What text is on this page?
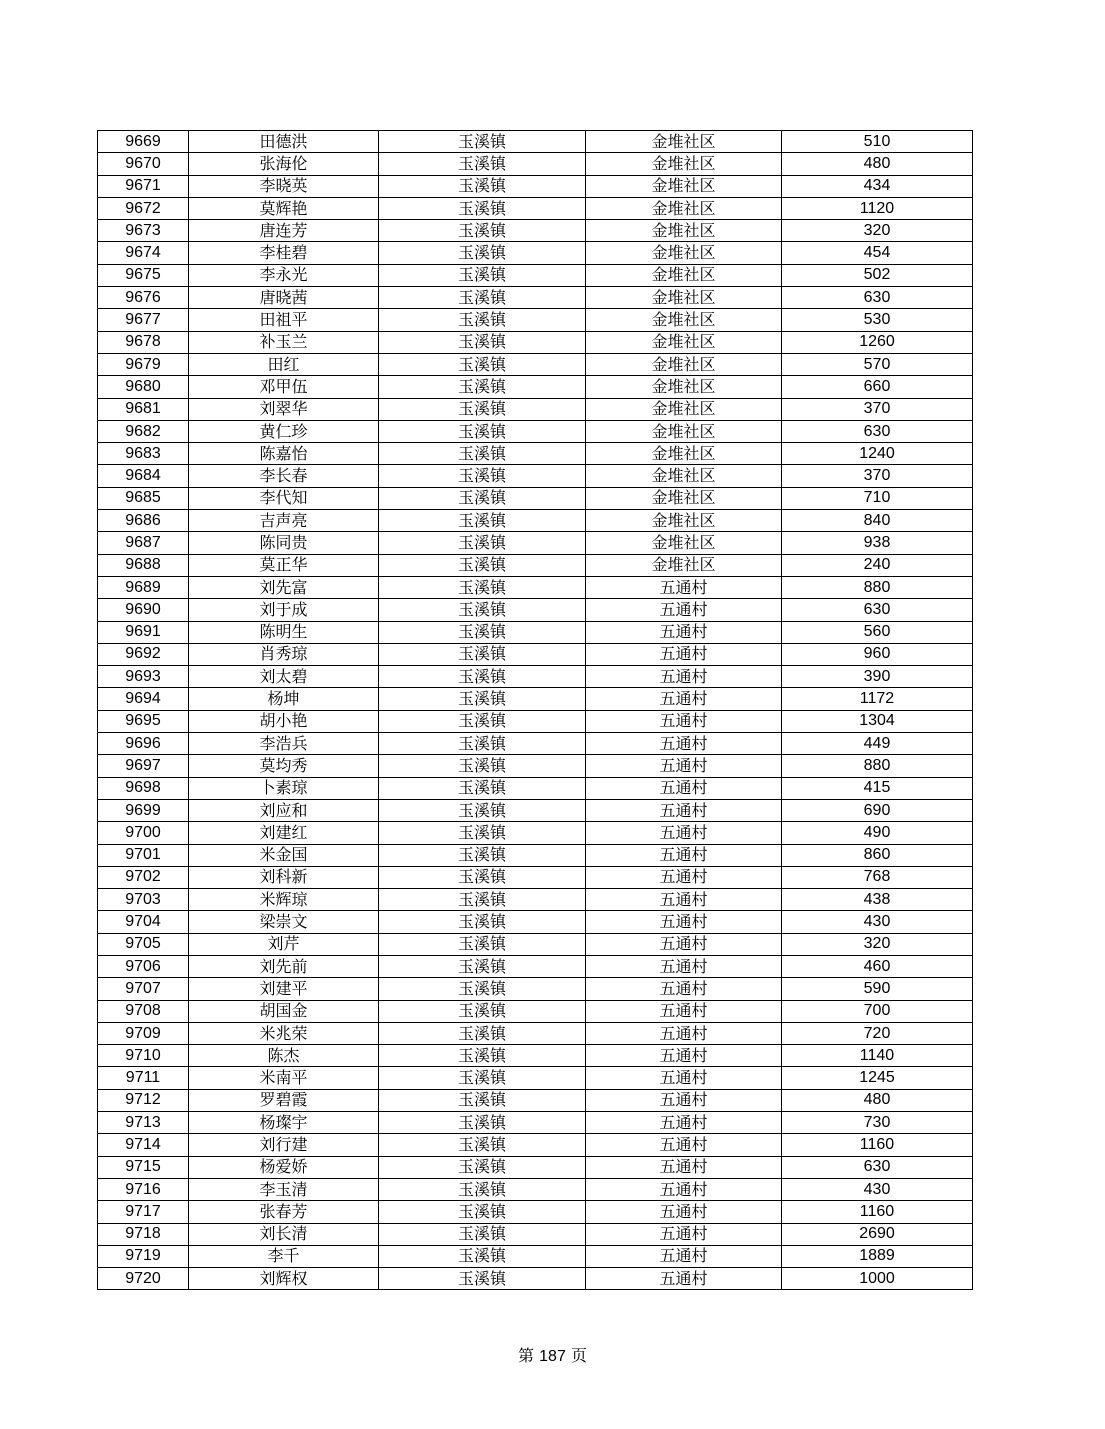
9669	田德洪	玉溪镇	金堆社区	510
9670	张海伦	玉溪镇	金堆社区	480
9671	李晓英	玉溪镇	金堆社区	434
9672	莫辉艳	玉溪镇	金堆社区	1120
9673	唐连芳	玉溪镇	金堆社区	320
9674	李桂碧	玉溪镇	金堆社区	454
9675	李永光	玉溪镇	金堆社区	502
9676	唐晓茜	玉溪镇	金堆社区	630
9677	田祖平	玉溪镇	金堆社区	530
9678	补玉兰	玉溪镇	金堆社区	1260
9679	田红	玉溪镇	金堆社区	570
9680	邓甲伍	玉溪镇	金堆社区	660
9681	刘翠华	玉溪镇	金堆社区	370
9682	黄仁珍	玉溪镇	金堆社区	630
9683	陈嘉怡	玉溪镇	金堆社区	1240
9684	李长春	玉溪镇	金堆社区	370
9685	李代知	玉溪镇	金堆社区	710
9686	吉声亮	玉溪镇	金堆社区	840
9687	陈同贵	玉溪镇	金堆社区	938
9688	莫正华	玉溪镇	金堆社区	240
9689	刘先富	玉溪镇	五通村	880
9690	刘于成	玉溪镇	五通村	630
9691	陈明生	玉溪镇	五通村	560
9692	肖秀琼	玉溪镇	五通村	960
9693	刘太碧	玉溪镇	五通村	390
9694	杨坤	玉溪镇	五通村	1172
9695	胡小艳	玉溪镇	五通村	1304
9696	李浩兵	玉溪镇	五通村	449
9697	莫均秀	玉溪镇	五通村	880
9698	卜素琼	玉溪镇	五通村	415
9699	刘应和	玉溪镇	五通村	690
9700	刘建红	玉溪镇	五通村	490
9701	米金国	玉溪镇	五通村	860
9702	刘科新	玉溪镇	五通村	768
9703	米辉琼	玉溪镇	五通村	438
9704	梁崇文	玉溪镇	五通村	430
9705	刘芹	玉溪镇	五通村	320
9706	刘先前	玉溪镇	五通村	460
9707	刘建平	玉溪镇	五通村	590
9708	胡国金	玉溪镇	五通村	700
9709	米兆荣	玉溪镇	五通村	720
9710	陈杰	玉溪镇	五通村	1140
9711	米南平	玉溪镇	五通村	1245
9712	罗碧霞	玉溪镇	五通村	480
9713	杨璨宇	玉溪镇	五通村	730
9714	刘行建	玉溪镇	五通村	1160
9715	杨爱娇	玉溪镇	五通村	630
9716	李玉清	玉溪镇	五通村	430
9717	张春芳	玉溪镇	五通村	1160
9718	刘长清	玉溪镇	五通村	2690
9719	李千	玉溪镇	五通村	1889
9720	刘辉权	玉溪镇	五通村	1000
第 187 页
